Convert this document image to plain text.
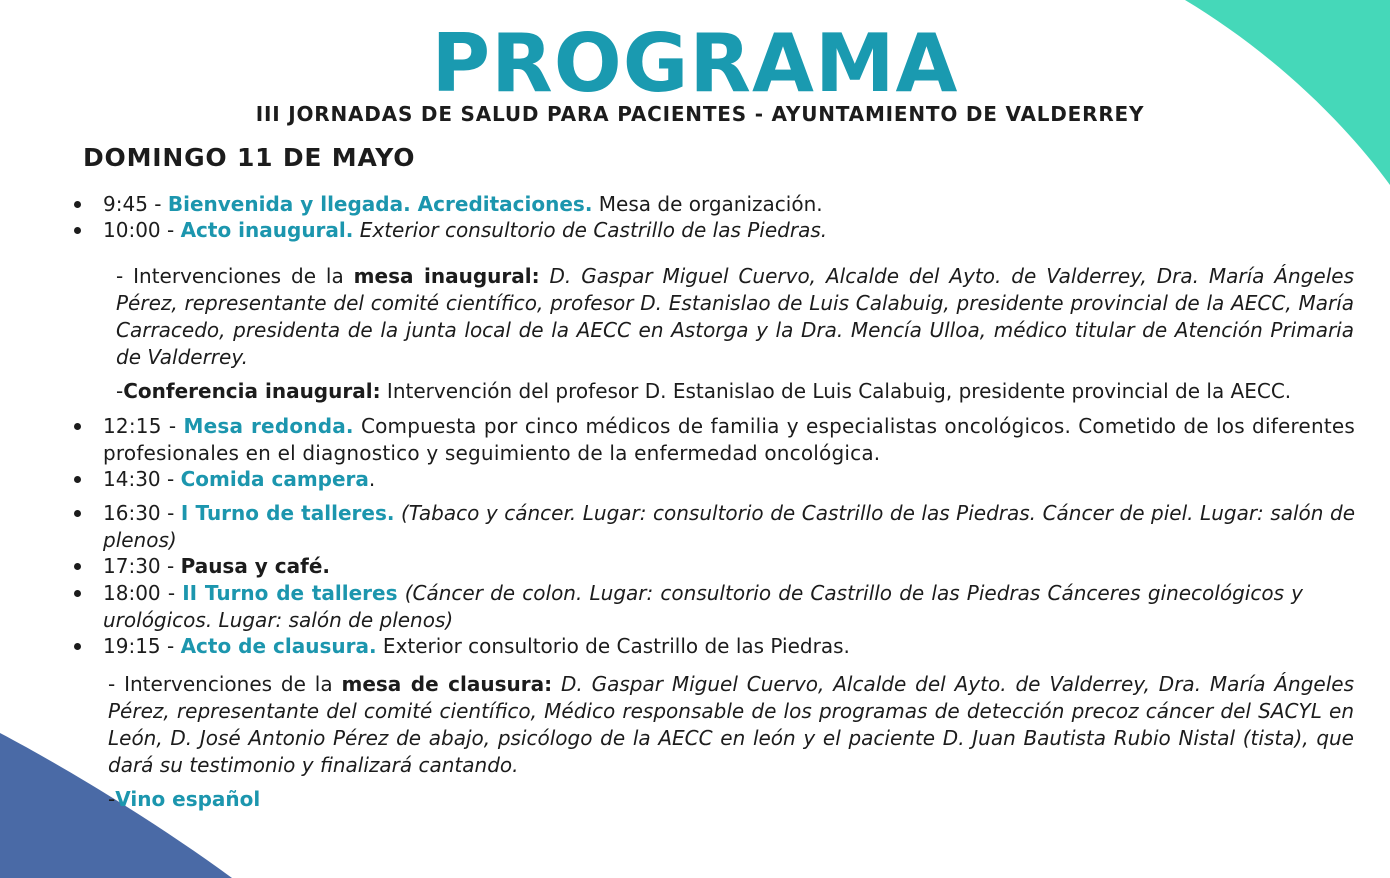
PROGRAMA
III JORNADAS DE SALUD PARA PACIENTES - AYUNTAMIENTO DE VALDERREY
DOMINGO 11 DE MAYO
9:45 - Bienvenida y llegada. Acreditaciones. Mesa de organización.
10:00 - Acto inaugural. Exterior consultorio de Castrillo de las Piedras.
- Intervenciones de la mesa inaugural: D. Gaspar Miguel Cuervo, Alcalde del Ayto. de Valderrey, Dra. María Ángeles Pérez, representante del comité científico, profesor D. Estanislao de Luis Calabuig, presidente provincial de la AECC, María Carracedo, presidenta de la junta local de la AECC en Astorga y la Dra. Mencía Ulloa, médico titular de Atención Primaria de Valderrey.
-Conferencia inaugural: Intervención del profesor D. Estanislao de Luis Calabuig, presidente provincial de la AECC.
12:15 - Mesa redonda. Compuesta por cinco médicos de familia y especialistas oncológicos. Cometido de los diferentes profesionales en el diagnostico y seguimiento de la enfermedad oncológica.
14:30 - Comida campera.
16:30 - I Turno de talleres. (Tabaco y cáncer. Lugar: consultorio de Castrillo de las Piedras. Cáncer de piel. Lugar: salón de plenos)
17:30 - Pausa y café.
18:00 - II Turno de talleres (Cáncer de colon. Lugar: consultorio de Castrillo de las Piedras Cánceres ginecológicos y urológicos. Lugar: salón de plenos)
19:15 - Acto de clausura. Exterior consultorio de Castrillo de las Piedras.
- Intervenciones de la mesa de clausura: D. Gaspar Miguel Cuervo, Alcalde del Ayto. de Valderrey, Dra. María Ángeles Pérez, representante del comité científico, Médico responsable de los programas de detección precoz cáncer del SACYL en León, D. José Antonio Pérez de abajo, psicólogo de la AECC en león y el paciente D. Juan Bautista Rubio Nistal (tista), que dará su testimonio y finalizará cantando.
-Vino español
